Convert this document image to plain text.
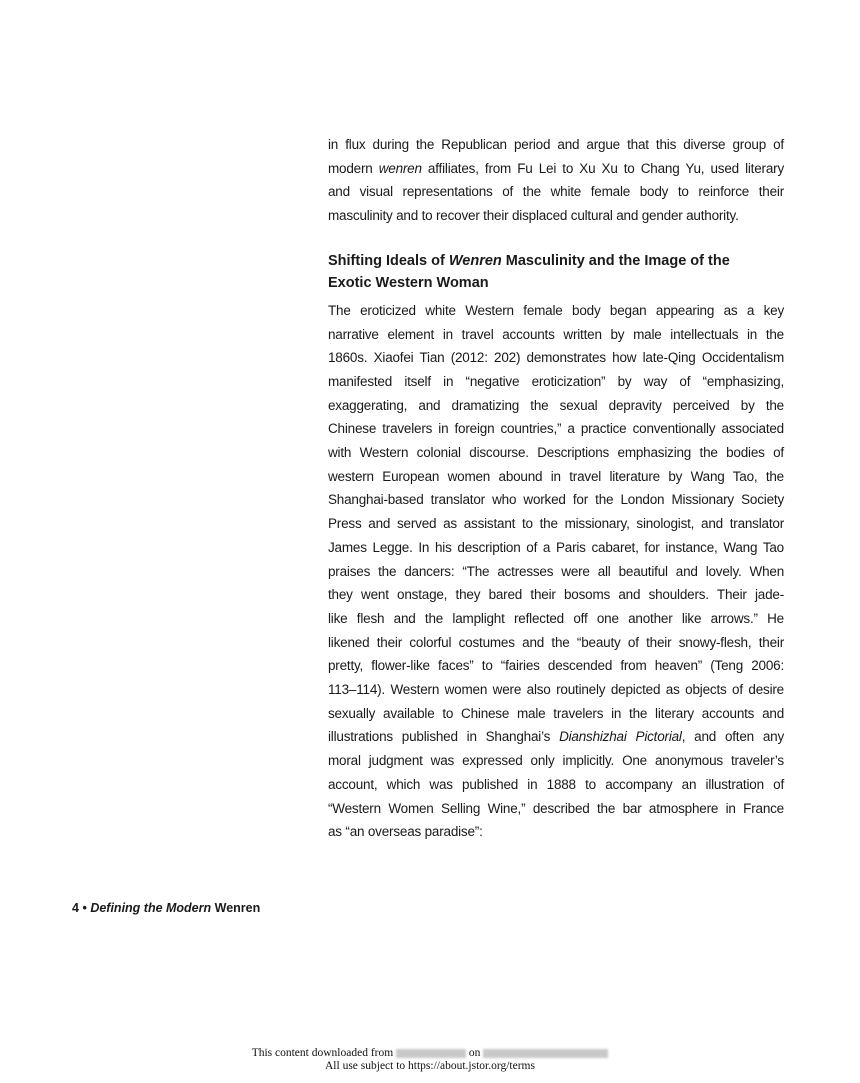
in flux during the Republican period and argue that this diverse group of
modern wenren affiliates, from Fu Lei to Xu Xu to Chang Yu, used literary
and visual representations of the white female body to reinforce their
masculinity and to recover their displaced cultural and gender authority.
Shifting Ideals of Wenren Masculinity and the Image of the
Exotic Western Woman
The eroticized white Western female body began appearing as a key
narrative element in travel accounts written by male intellectuals in the
1860s. Xiaofei Tian (2012: 202) demonstrates how late-Qing Occidentalism
manifested itself in “negative eroticization” by way of “emphasizing,
exaggerating, and dramatizing the sexual depravity perceived by the
Chinese travelers in foreign countries,” a practice conventionally associated
with Western colonial discourse. Descriptions emphasizing the bodies of
western European women abound in travel literature by Wang Tao, the
Shanghai-based translator who worked for the London Missionary Society
Press and served as assistant to the missionary, sinologist, and translator
James Legge. In his description of a Paris cabaret, for instance, Wang Tao
praises the dancers: “The actresses were all beautiful and lovely. When
they went onstage, they bared their bosoms and shoulders. Their jade-
like flesh and the lamplight reflected off one another like arrows.” He
likened their colorful costumes and the “beauty of their snowy-flesh, their
pretty, flower-like faces” to “fairies descended from heaven” (Teng 2006:
113–114). Western women were also routinely depicted as objects of desire
sexually available to Chinese male travelers in the literary accounts and
illustrations published in Shanghai’s Dianshizhai Pictorial, and often any
moral judgment was expressed only implicitly. One anonymous traveler’s
account, which was published in 1888 to accompany an illustration of
“Western Women Selling Wine,” described the bar atmosphere in France
as “an overseas paradise”:
4 • Defining the Modern Wenren
This content downloaded from	on
All use subject to https://about.jstor.org/terms
